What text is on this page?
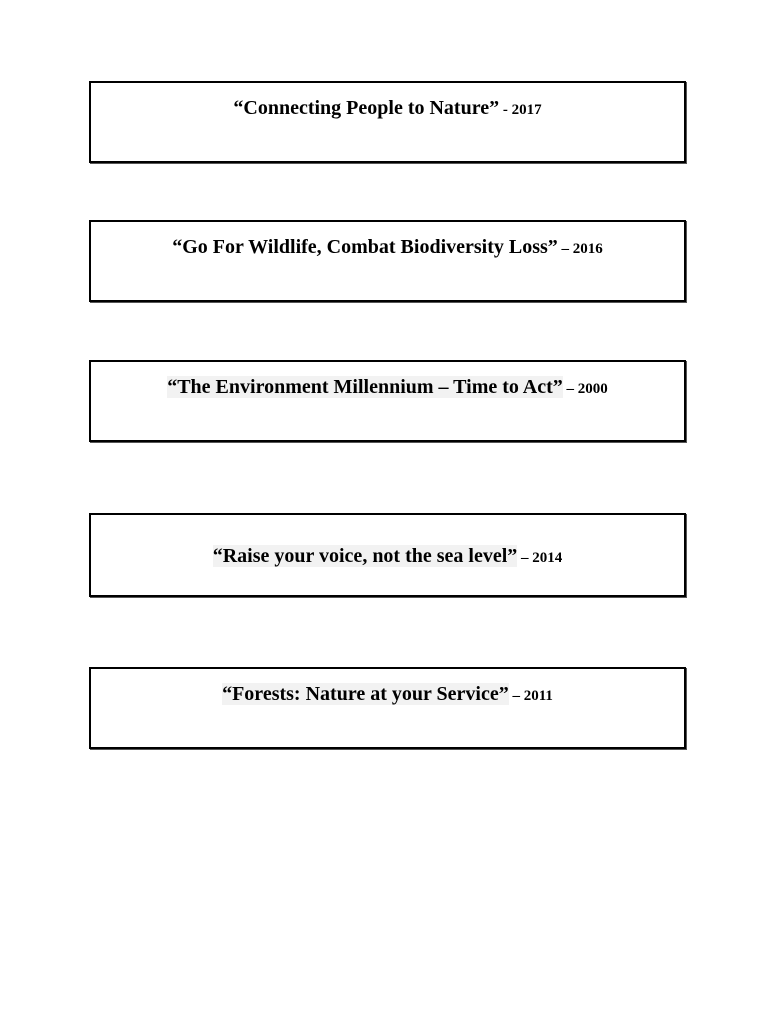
“Connecting People to Nature” - 2017
“Go For Wildlife, Combat Biodiversity Loss” – 2016
“The Environment Millennium – Time to Act” – 2000
“Raise your voice, not the sea level” – 2014
“Forests: Nature at your Service” – 2011
